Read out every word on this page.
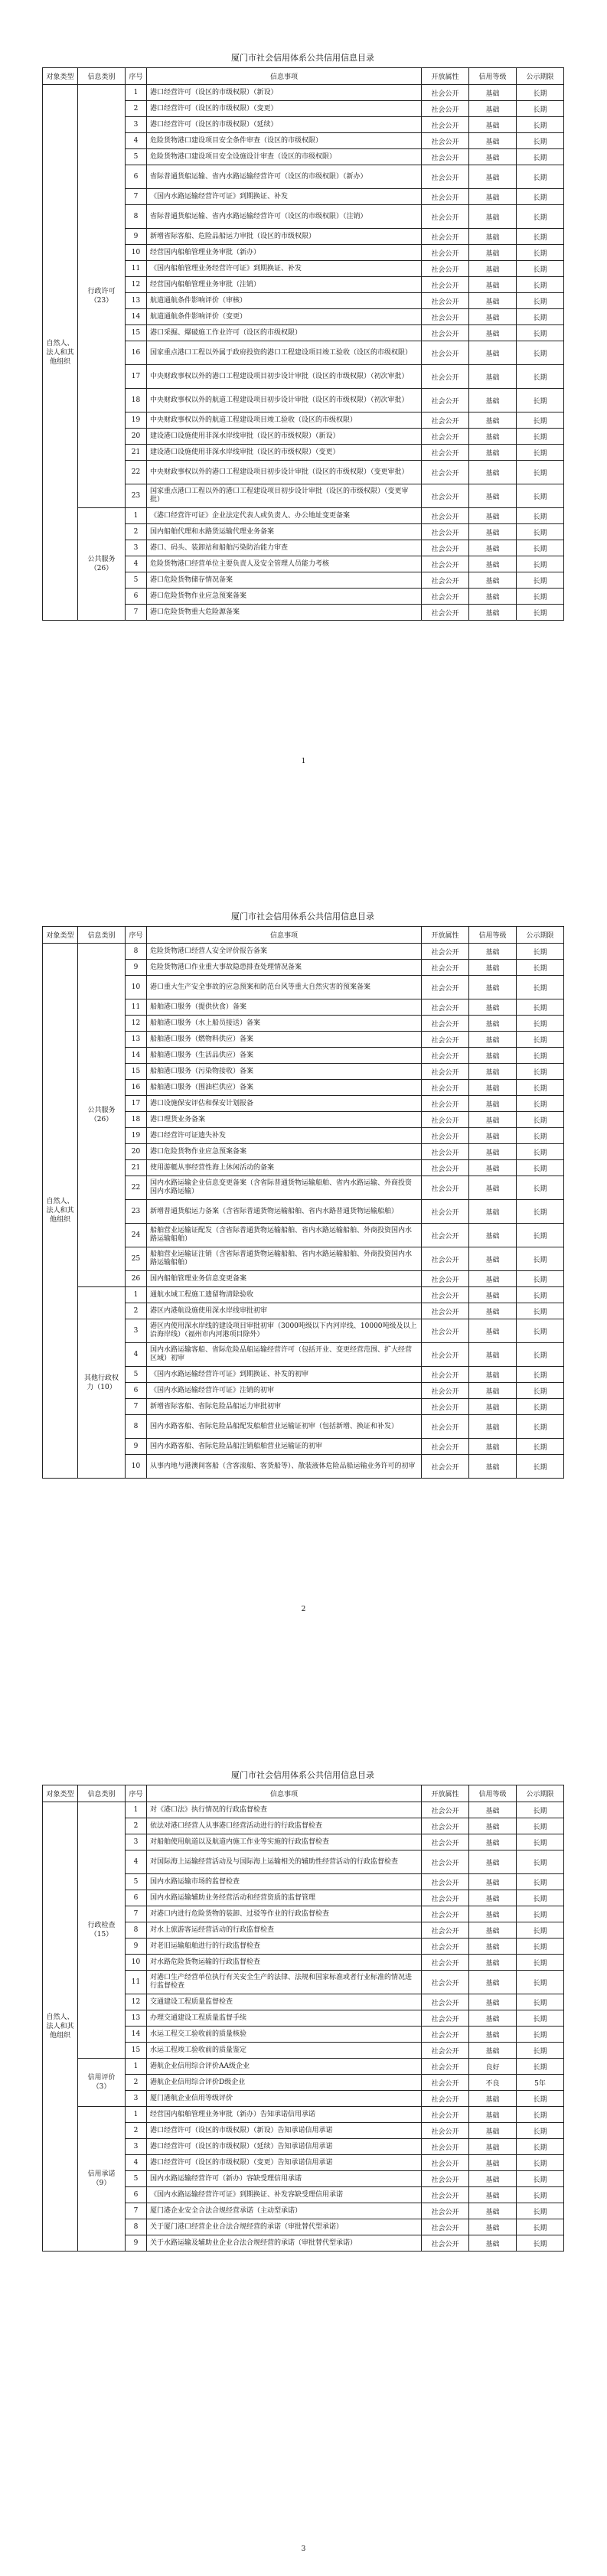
厦门市社会信用体系公共信用信息目录
对象类型	信息类别	序号	信息事项	开放属性	信用等级	公示期限
自然人、法人和其他组织	行政许可（23）	1	港口经营许可（设区的市级权限）（新设）	社会公开	基础	长期
		2	港口经营许可（设区的市级权限）（变更）	社会公开	基础	长期
		3	港口经营许可（设区的市级权限）（延续）	社会公开	基础	长期
		4	危险货物港口建设项目安全条件审查（设区的市级权限）	社会公开	基础	长期
		5	危险货物港口建设项目安全设施设计审查（设区的市级权限）	社会公开	基础	长期
		6	省际普通货船运输、省内水路运输经营许可（设区的市级权限）（新办）	社会公开	基础	长期
		7	《国内水路运输经营许可证》到期换证、补发	社会公开	基础	长期
		8	省际普通货船运输、省内水路运输经营许可（设区的市级权限）（注销）	社会公开	基础	长期
		9	新增省际客船、危险品船运力审批（设区的市级权限）	社会公开	基础	长期
		10	经营国内船舶管理业务审批（新办）	社会公开	基础	长期
		11	《国内船舶管理业务经营许可证》到期换证、补发	社会公开	基础	长期
		12	经营国内船舶管理业务审批（注销）	社会公开	基础	长期
		13	航道通航条件影响评价（审核）	社会公开	基础	长期
		14	航道通航条件影响评价（变更）	社会公开	基础	长期
		15	港口采掘、爆破施工作业许可（设区的市级权限）	社会公开	基础	长期
		16	国家重点港口工程以外属于政府投资的港口工程建设项目竣工验收（设区的市级权限）	社会公开	基础	长期
		17	中央财政事权以外的港口工程建设项目初步设计审批（设区的市级权限）（初次审批）	社会公开	基础	长期
		18	中央财政事权以外的航道工程建设项目初步设计审批（设区的市级权限）（初次审批）	社会公开	基础	长期
		19	中央财政事权以外的航道工程建设项目竣工验收（设区的市级权限）	社会公开	基础	长期
		20	建设港口设施使用非深水岸线审批（设区的市级权限）（新设）	社会公开	基础	长期
		21	建设港口设施使用非深水岸线审批（设区的市级权限）（变更）	社会公开	基础	长期
		22	中央财政事权以外的港口工程建设项目初步设计审批（设区的市级权限）（变更审批）	社会公开	基础	长期
		23	国家重点港口工程以外的港口工程建设项目初步设计审批（设区的市级权限）（变更审批）	社会公开	基础	长期
	公共服务（26）	1	《港口经营许可证》企业法定代表人或负责人、办公地址变更备案	社会公开	基础	长期
		2	国内船舶代理和水路货运输代理业务备案	社会公开	基础	长期
		3	港口、码头、装卸站和船舶污染防治能力审查	社会公开	基础	长期
		4	危险货物港口经营单位主要负责人及安全管理人员能力考核	社会公开	基础	长期
		5	港口危险货物储存情况备案	社会公开	基础	长期
		6	港口危险货物作业应急预案备案	社会公开	基础	长期
		7	港口危险货物重大危险源备案	社会公开	基础	长期
1
厦门市社会信用体系公共信用信息目录
对象类型	信息类别	序号	信息事项	开放属性	信用等级	公示期限
自然人、法人和其他组织	公共服务（26）	8	危险货物港口经营人安全评价报告备案	社会公开	基础	长期
		9	危险货物港口作业重大事故隐患排查处理情况备案	社会公开	基础	长期
		10	港口重大生产安全事故的应急预案和防范台风等重大自然灾害的预案备案	社会公开	基础	长期
		11	船舶港口服务（提供伙食）备案	社会公开	基础	长期
		12	船舶港口服务（水上船员接送）备案	社会公开	基础	长期
		13	船舶港口服务（燃物料供应）备案	社会公开	基础	长期
		14	船舶港口服务（生活品供应）备案	社会公开	基础	长期
		15	船舶港口服务（污染物接收）备案	社会公开	基础	长期
		16	船舶港口服务（围油栏供应）备案	社会公开	基础	长期
		17	港口设施保安评估和保安计划报备	社会公开	基础	长期
		18	港口理货业务备案	社会公开	基础	长期
		19	港口经营许可证遗失补发	社会公开	基础	长期
		20	港口危险货物作业应急预案备案	社会公开	基础	长期
		21	使用游艇从事经营性海上休闲活动的备案	社会公开	基础	长期
		22	国内水路运输企业信息变更备案（含省际普通货物运输船舶、省内水路运输、外商投资国内水路运输）	社会公开	基础	长期
		23	新增普通货船运力备案（含省际普通货物运输船舶、省内水路普通货物运输船舶）	社会公开	基础	长期
		24	船舶营业运输证配发（含省际普通货物运输船舶、省内水路运输船舶、外商投资国内水路运输船舶）	社会公开	基础	长期
		25	船舶营业运输证注销（含省际普通货物运输船舶、省内水路运输船舶、外商投资国内水路运输船舶）	社会公开	基础	长期
		26	国内船舶管理业务信息变更备案	社会公开	基础	长期
	其他行政权力（10）	1	通航水域工程施工遗留物清除验收	社会公开	基础	长期
		2	港区内港航设施使用深水岸线审批初审	社会公开	基础	长期
		3	港区内使用深水岸线的建设项目审批初审（3000吨级以下内河岸线、10000吨级及以上沿海岸线）（福州市内河港项目除外）	社会公开	基础	长期
		4	国内水路运输客船、省际危险品船运输经营许可（包括开业、变更经营范围、扩大经营区域）初审	社会公开	基础	长期
		5	《国内水路运输经营许可证》到期换证、补发的初审	社会公开	基础	长期
		6	《国内水路运输经营许可证》注销的初审	社会公开	基础	长期
		7	新增省际客船、省际危险品船运力审批初审	社会公开	基础	长期
		8	国内水路客船、省际危险品船配发船舶营业运输证初审（包括新增、换证和补发）	社会公开	基础	长期
		9	国内水路客船、省际危险品船注销船舶营业运输证的初审	社会公开	基础	长期
		10	从事内地与港澳间客船（含客滚船、客货船等）、散装液体危险品船运输业务许可的初审	社会公开	基础	长期
2
厦门市社会信用体系公共信用信息目录
对象类型	信息类别	序号	信息事项	开放属性	信用等级	公示期限
自然人、法人和其他组织	行政检查（15）	1	对《港口法》执行情况的行政监督检查	社会公开	基础	长期
		2	依法对港口经营人从事港口经营活动进行的行政监督检查	社会公开	基础	长期
		3	对船舶使用航道以及航道内施工作业等实施的行政监督检查	社会公开	基础	长期
		4	对国际海上运输经营活动及与国际海上运输相关的辅助性经营活动的行政监督检查	社会公开	基础	长期
		5	国内水路运输市场的监督检查	社会公开	基础	长期
		6	国内水路运输辅助业务经营活动和经营资质的监督管理	社会公开	基础	长期
		7	对港口内进行危险货物的装卸、过驳等作业的行政监督检查	社会公开	基础	长期
		8	对水上旅游客运经营活动的行政监督检查	社会公开	基础	长期
		9	对老旧运输船舶进行的行政监督检查	社会公开	基础	长期
		10	对水路危险货物运输的行政监督检查	社会公开	基础	长期
		11	对港口生产经营单位执行有关安全生产的法律、法规和国家标准或者行业标准的情况进行监督检查	社会公开	基础	长期
		12	交通建设工程质量监督检查	社会公开	基础	长期
		13	办理交通建设工程质量监督手续	社会公开	基础	长期
		14	水运工程交工验收前的质量核验	社会公开	基础	长期
		15	水运工程竣工验收前的质量鉴定	社会公开	基础	长期
	信用评价（3）	1	港航企业信用综合评价AA级企业	社会公开	良好	长期
		2	港航企业信用综合评价D级企业	社会公开	不良	5年
		3	厦门港航企业信用等级评价	社会公开	基础	长期
	信用承诺（9）	1	经营国内船舶管理业务审批（新办）告知承诺信用承诺	社会公开	基础	长期
		2	港口经营许可（设区的市级权限）（新设）告知承诺信用承诺	社会公开	基础	长期
		3	港口经营许可（设区的市级权限）（延续）告知承诺信用承诺	社会公开	基础	长期
		4	港口经营许可（设区的市级权限）（变更）告知承诺信用承诺	社会公开	基础	长期
		5	国内水路运输经营许可（新办）容缺受理信用承诺	社会公开	基础	长期
		6	《国内水路运输经营许可证》到期换证、补发容缺受理信用承诺	社会公开	基础	长期
		7	厦门港企业安全合法合规经营承诺（主动型承诺）	社会公开	基础	长期
		8	关于厦门港口经营企业合法合规经营的承诺（审批替代型承诺）	社会公开	基础	长期
		9	关于水路运输及辅助业企业合法合规经营的承诺（审批替代型承诺）	社会公开	基础	长期
3
